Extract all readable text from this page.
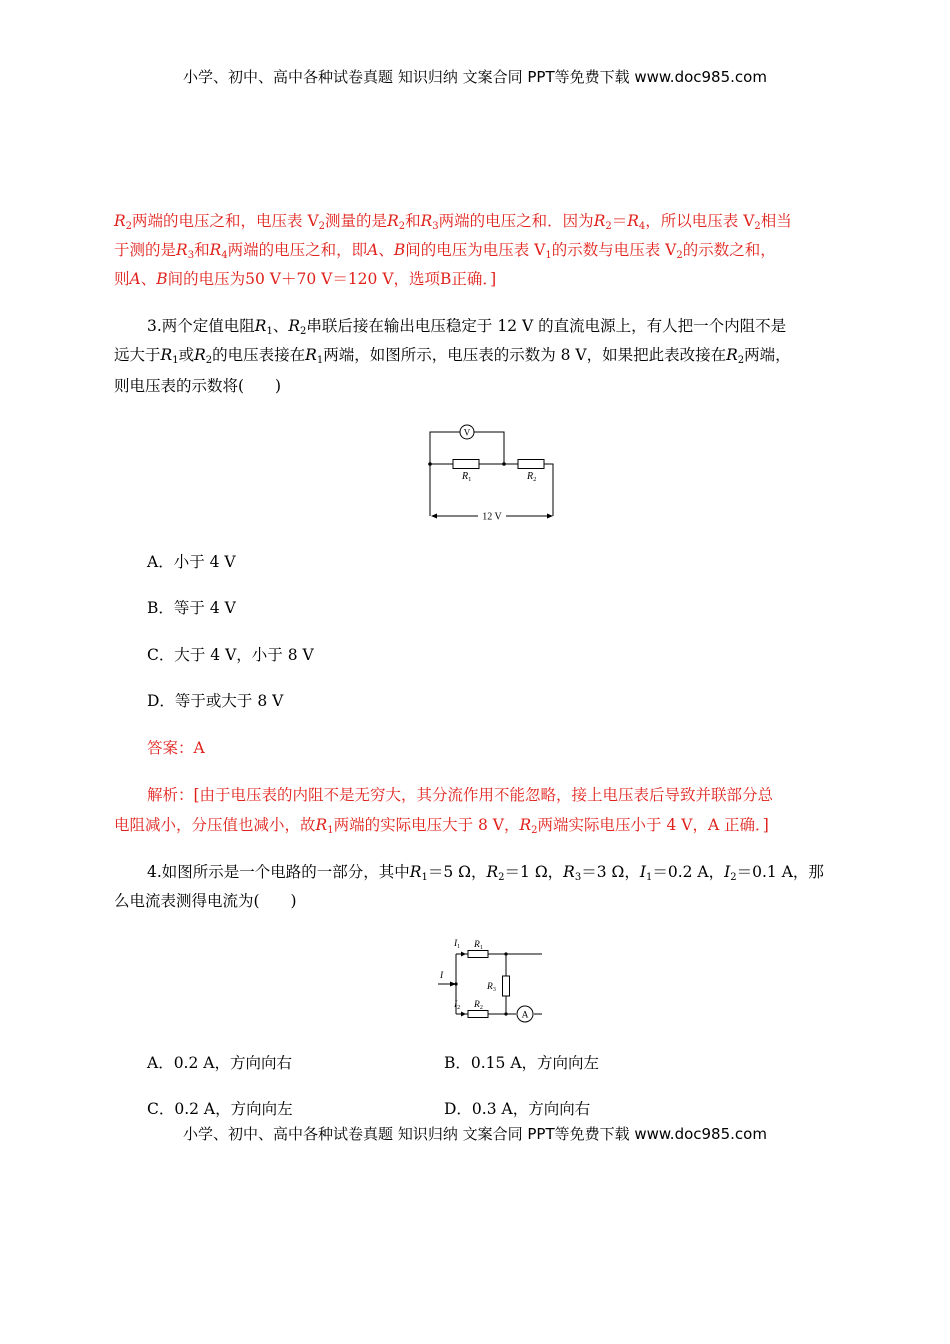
小学、初中、高中各种试卷真题 知识归纳 文案合同 PPT等免费下载 www.doc985.com
$R_2$两端的电压之和，电压表 $V_2$测量的是$R_2$和$R_3$两端的电压之和．因为$R_2=R_4$，所以电压表 $V_2$相当
于测的是$R_3$和$R_4$两端的电压之和，即A、B间的电压为电压表 $V_1$的示数与电压表 $V_2$的示数之和，
则A、B间的电压为50 V＋70 V＝120 V，选项B正确．]
3.两个定值电阻$R_1$、$R_2$串联后接在输出电压稳定于 12 V 的直流电源上，有人把一个内阻不是
远大于$R_1$或$R_2$的电压表接在$R_1$两端，如图所示，电压表的示数为 8 V，如果把此表改接在$R_2$两端，
则电压表的示数将(　　)
V
$R_1$	$R_2$
12 V
A．小于 4 V
B．等于 4 V
C．大于 4 V，小于 8 V
D．等于或大于 8 V
答案：A
解析：[由于电压表的内阻不是无穷大，其分流作用不能忽略，接上电压表后导致并联部分总
电阻减小，分压值也减小，故$R_1$两端的实际电压大于 8 V，$R_2$两端实际电压小于 4 V，A 正确．]
4.如图所示是一个电路的一部分，其中$R_1=5$ Ω，$R_2=1$ Ω，$R_3=3$ Ω，$I_1=0.2$ A，$I_2=0.1$ A，那
么电流表测得电流为(　　)
A
$I_1$ $R_1$
I
$R_3$
$I_2$ $R_2$
A．0.2 A，方向向右	B．0.15 A，方向向左
C．0.2 A，方向向左	D．0.3 A，方向向右
小学、初中、高中各种试卷真题 知识归纳 文案合同 PPT等免费下载 www.doc985.com
